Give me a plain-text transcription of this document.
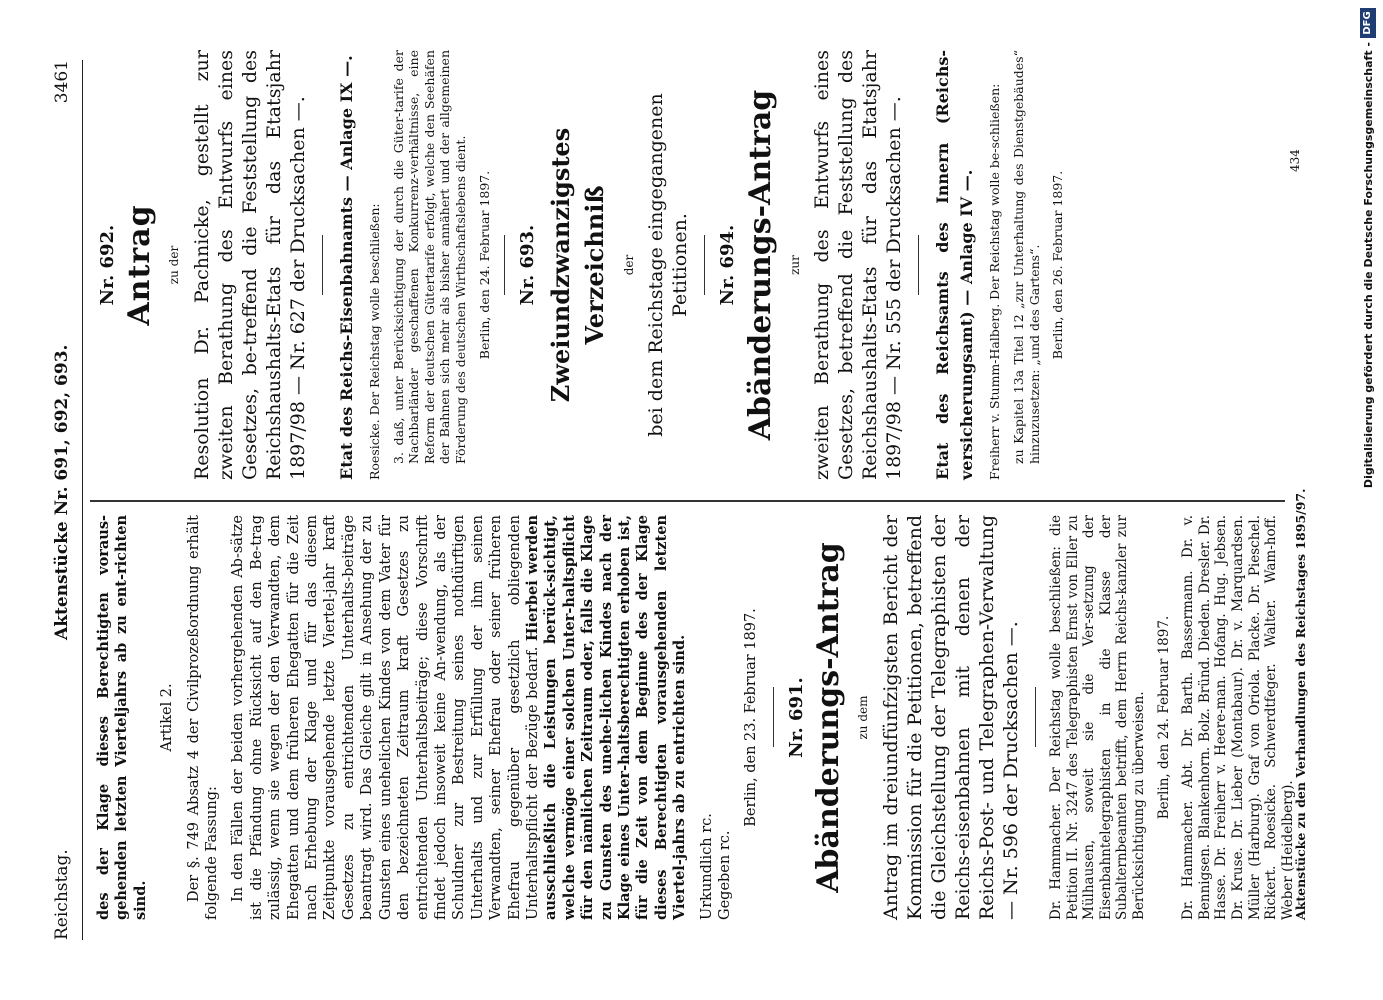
Reichstag.
Aktenstücke Nr. 691, 692, 693.
3461

des der Klage dieses Berechtigten voraus-gehenden letzten Vierteljahrs ab zu ent-richten sind.

Artikel 2. Der §. 749 Absatz 4 der Civilprozeßordnung erhält folgende Fassung: In den Fällen der beiden vorhergehenden Ab-sätze ist die Pfändung ohne Rücksicht auf den Be-trag zulässig, wenn sie wegen der den Verwandten, dem Ehegatten und dem früheren Ehegatten für die Zeit nach Erhebung der Klage und für das diesem Zeitpunkte vorausgehende letzte Viertel-jahr kraft Gesetzes zu entrichtenden Unterhalts-beiträge beantragt wird. Das Gleiche gilt in Ansehung der zu Gunsten eines unehelichen Kindes von dem Vater für den bezeichneten Zeitraum kraft Gesetzes zu entrichtenden Unterhaltsbeiträge; diese Vorschrift findet jedoch insoweit keine An-wendung, als der Schuldner zur Bestreitung seines nothdürftigen Unterhalts und zur Erfüllung der ihm seinen Verwandten, seiner Ehefrau oder seiner früheren Ehefrau gegenüber gesetzlich obliegenden Unterhaltspflicht der Bezüge bedarf. Hierbei werden ausschließlich die Leistungen berück-sichtigt, welche vermöge einer solchen Unter-haltspflicht für den nämlichen Zeitraum oder, falls die Klage zu Gunsten des unehe-lichen Kindes nach der Klage eines Unter-haltsberechtigten erhoben ist, für die Zeit von dem Beginne des der Klage dieses Berechtigten vorausgehenden letzten Viertel-jahrs ab zu entrichten sind. Urkundlich rc. Gegeben rc.

Berlin, den 23. Februar 1897. Nr. 691. Abänderungs-Antrag zu dem Antrag im dreiundfünfzigsten Bericht der Kommission für die Petitionen, betreffend die Gleichstellung der Telegraphisten der Reichs-eisenbahnen mit denen der Reichs-Post- und Telegraphen-Verwaltung — Nr. 596 der Drucksachen —. Dr. Hammacher. Der Reichstag wolle beschließen: die Petition II. Nr. 3247 des Telegraphisten Ernst von Eller zu Mülhausen, soweit sie die Ver-setzung der Eisenbahntelegraphisten in die Klasse der Subalternbeamten betrifft, dem Herrn Reichs-kanzler zur Berücksichtigung zu überweisen. Berlin, den 24. Februar 1897. Dr. Hammacher. Abt. Dr. Barth. Bassermann. Dr. v. Bennigsen. Blankenhorn. Bolz. Bründ. Dieden. Dresler. Dr. Hasse. Dr. Freiherr v. Heere-man. Hofang. Hug. Jebsen. Dr. Kruse. Dr. Lieber (Montabaur). Dr. v. Marquardsen. Müller (Harburg). Graf von Oriola. Placke. Dr. Pieschel. Rickert. Roesicke. Schwerdtfeger. Walter. Wam-hoff. Weber (Heidelberg).

Nr. 692. Antrag zu der Resolution Dr. Pachnicke, gestellt zur zweiten Berathung des Entwurfs eines Gesetzes, be-treffend die Feststellung des Reichshaushalts-Etats für das Etatsjahr 1897/98 — Nr. 627 der Drucksachen —. Etat des Reichs-Eisenbahnamts — Anlage IX —. Roesicke. Der Reichstag wolle beschließen: 3. daß, unter Berücksichtigung der durch die Güter-tarife der Nachbarländer geschaffenen Konkurrenz-verhältnisse, eine Reform der deutschen Gütertarife erfolgt, welche den Seehäfen der Bahnen sich mehr als bisher annähert und der allgemeinen Förderung des deutschen Wirthschaftslebens dient. Berlin, den 24. Februar 1897. Nr. 693. Zweiundzwanzigstes Verzeichniß der bei dem Reichstage eingegangenen Petitionen. Nr. 694. Abänderungs-Antrag zur zweiten Berathung des Entwurfs eines Gesetzes, betreffend die Feststellung des Reichshaushalts-Etats für das Etatsjahr 1897/98 — Nr. 555 der Drucksachen —. Etat des Reichsamts des Innern (Reichs-versicherungsamt) — Anlage IV —. Freiherr v. Stumm-Halberg. Der Reichstag wolle be-schließen: zu Kapitel 13a Titel 12 „zur Unterhaltung des Dienstgebäudes“ hinzuzusetzen: „und des Gartens“. Berlin, den 26. Februar 1897.

Aktenstücke zu den Verhandlungen des Reichstages 1895/97.
434	Digitalisierung gefördert durch die Deutsche Forschungsgemeinschaft -
DFG
